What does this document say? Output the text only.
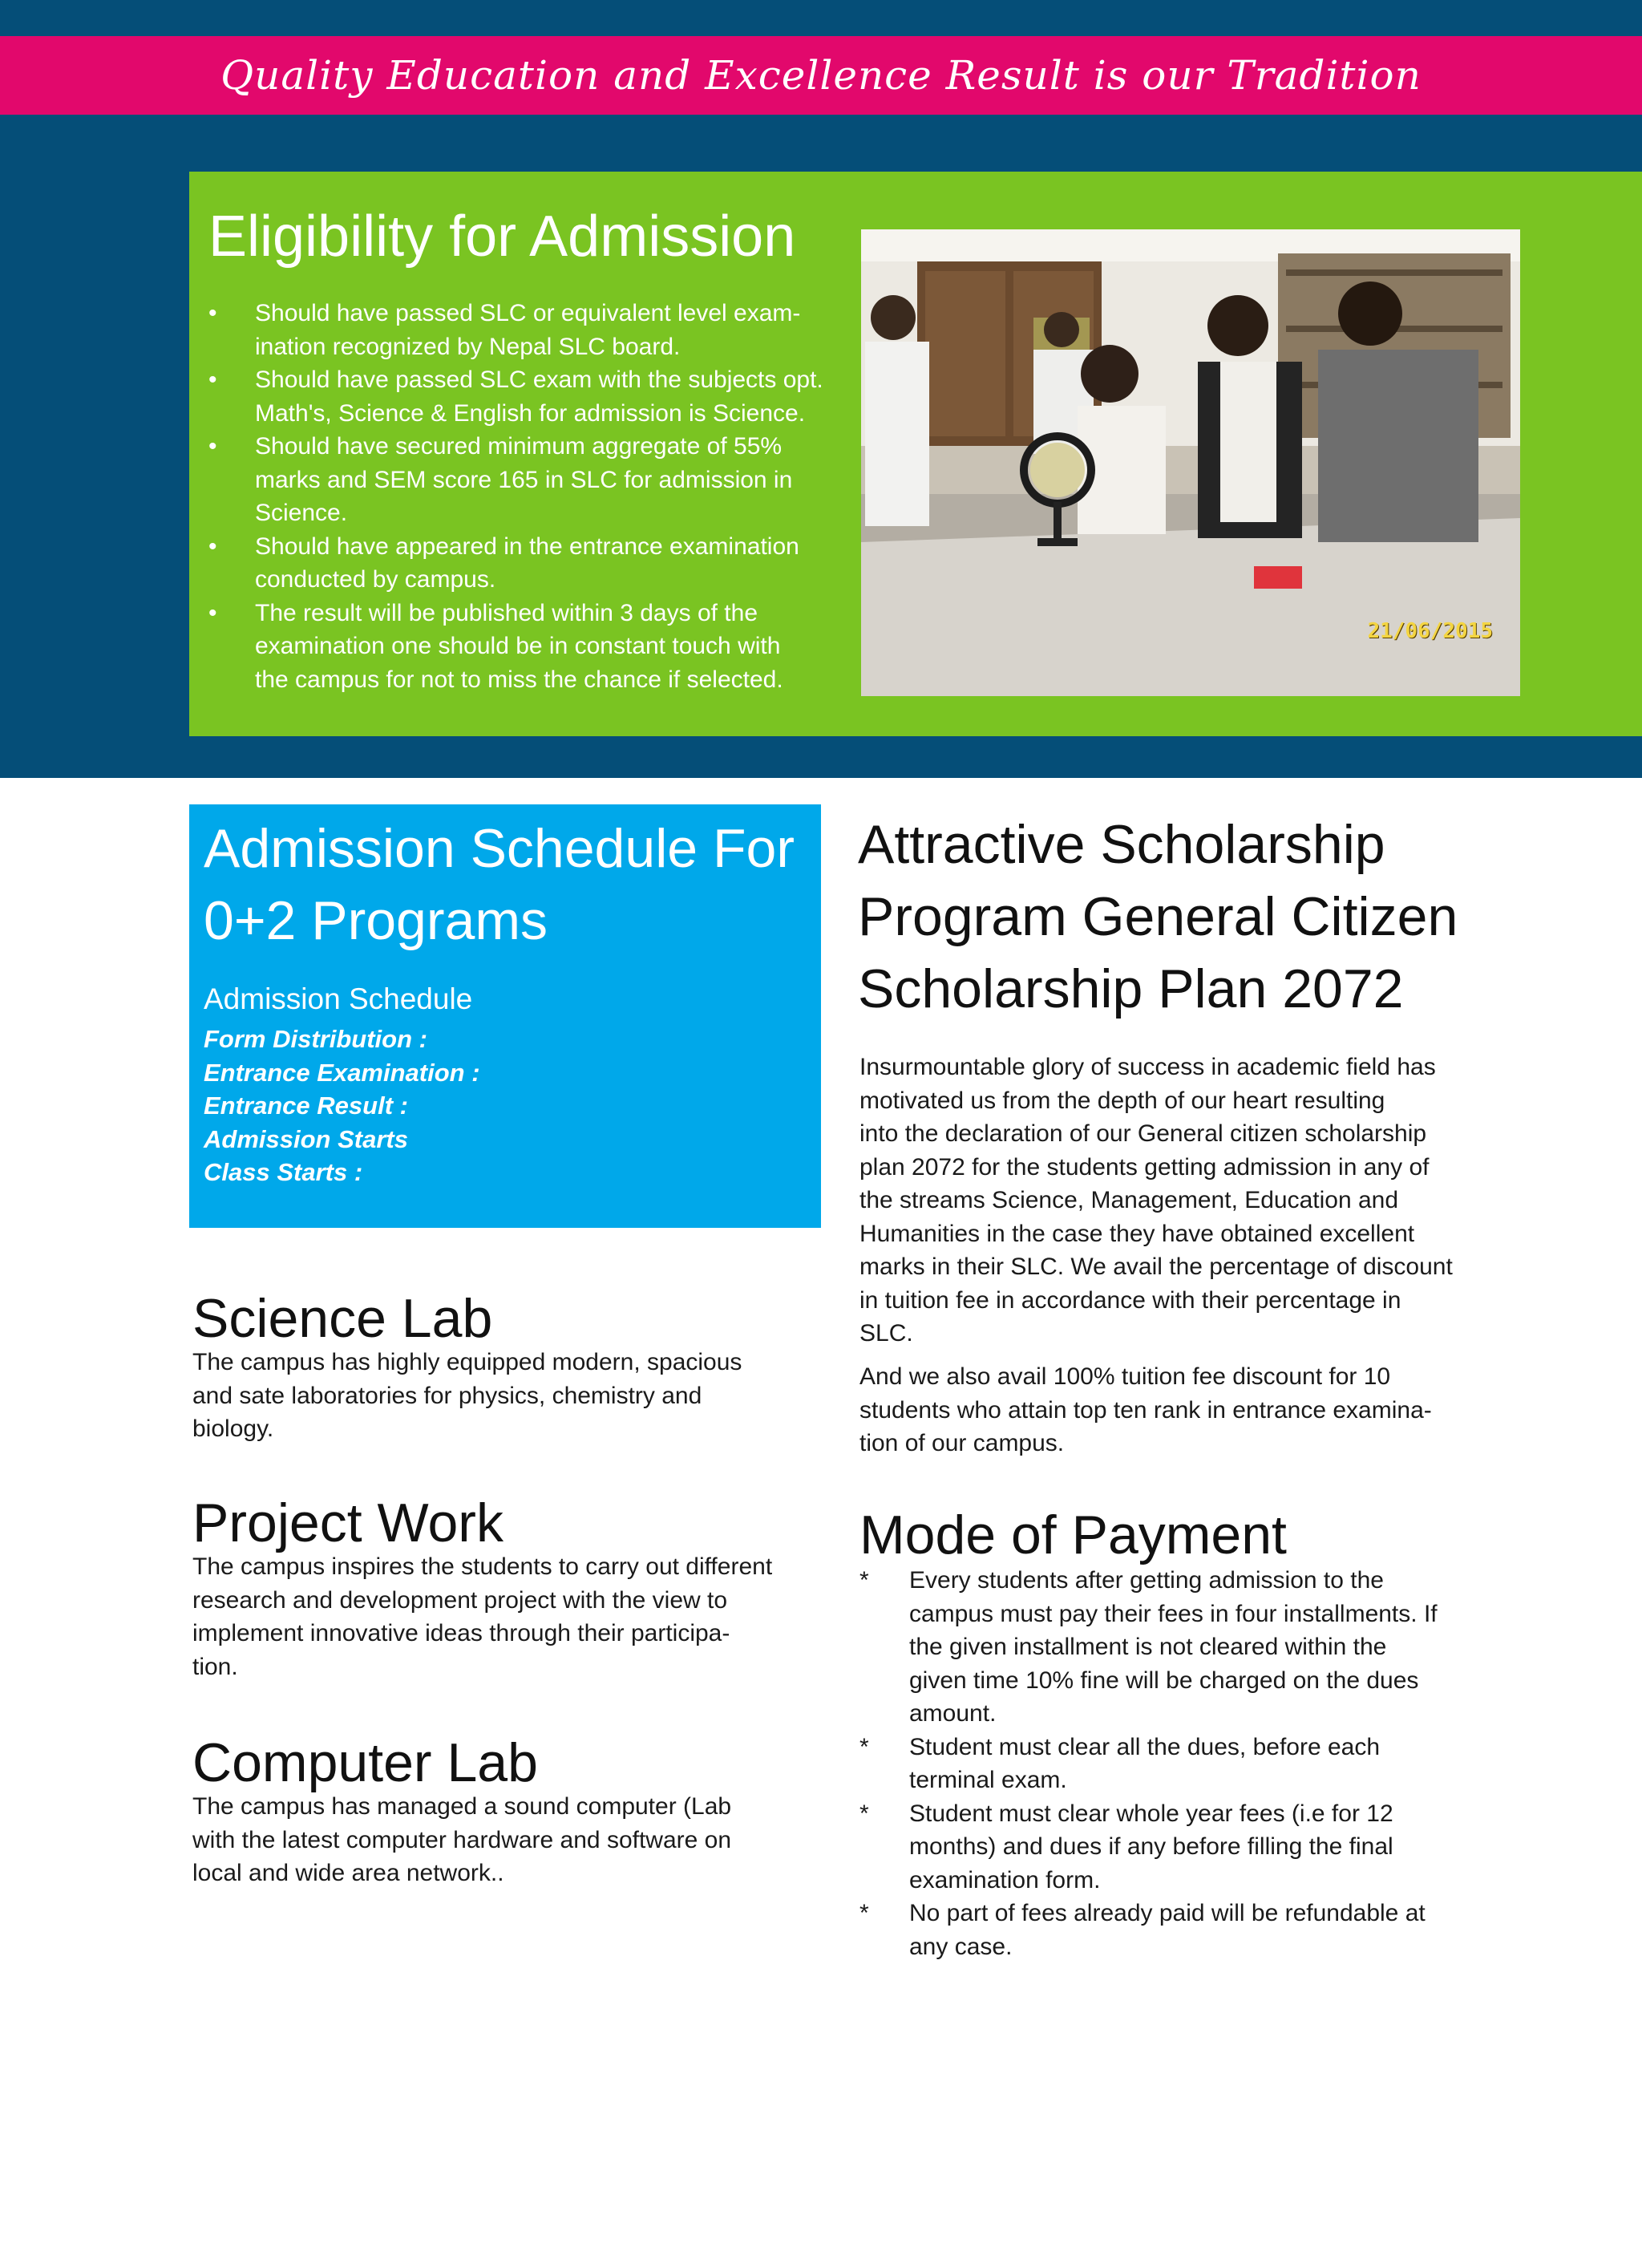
Quality Education and Excellence Result is our Tradition
Eligibility for Admission
• Should have passed SLC or equivalent level exam-
ination recognized by Nepal SLC board.
• Should have passed SLC exam with the subjects opt.
Math's, Science & English for admission is Science.
• Should have secured minimum aggregate of 55%
marks and SEM score 165 in SLC for admission in
Science.
• Should have appeared in the entrance examination
conducted by campus.
• The result will be published within 3 days of the
examination one should be in constant touch with
the campus for not to miss the chance if selected.
21/06/2015
Admission Schedule For
0+2 Programs
Admission Schedule
Form Distribution :
Entrance Examination :
Entrance Result :
Admission Starts
Class Starts :
Science Lab

The campus has highly equipped modern, spacious
and sate laboratories for physics, chemistry and
biology.

Project Work

The campus inspires the students to carry out different
research and development project with the view to
implement innovative ideas through their participa-
tion.

Computer Lab

The campus has managed a sound computer (Lab
with the latest computer hardware and software on
local and wide area network..

Attractive Scholarship
Program General Citizen
Scholarship Plan 2072

Insurmountable glory of success in academic field has
motivated us from the depth of our heart resulting
into the declaration of our General citizen scholarship
plan 2072 for the students getting admission in any of
the streams Science, Management, Education and
Humanities in the case they have obtained excellent
marks in their SLC. We avail the percentage of discount
in tuition fee in accordance with their percentage in
SLC.

And we also avail 100% tuition fee discount for 10
students who attain top ten rank in entrance examina-
tion of our campus.

Mode of Payment
* Every students after getting admission to the
campus must pay their fees in four installments. If
the given installment is not cleared within the
given time 10% fine will be charged on the dues
amount.
* Student must clear all the dues, before each
terminal exam.
* Student must clear whole year fees (i.e for 12
months) and dues if any before filling the final
examination form.
* No part of fees already paid will be refundable at
any case.
